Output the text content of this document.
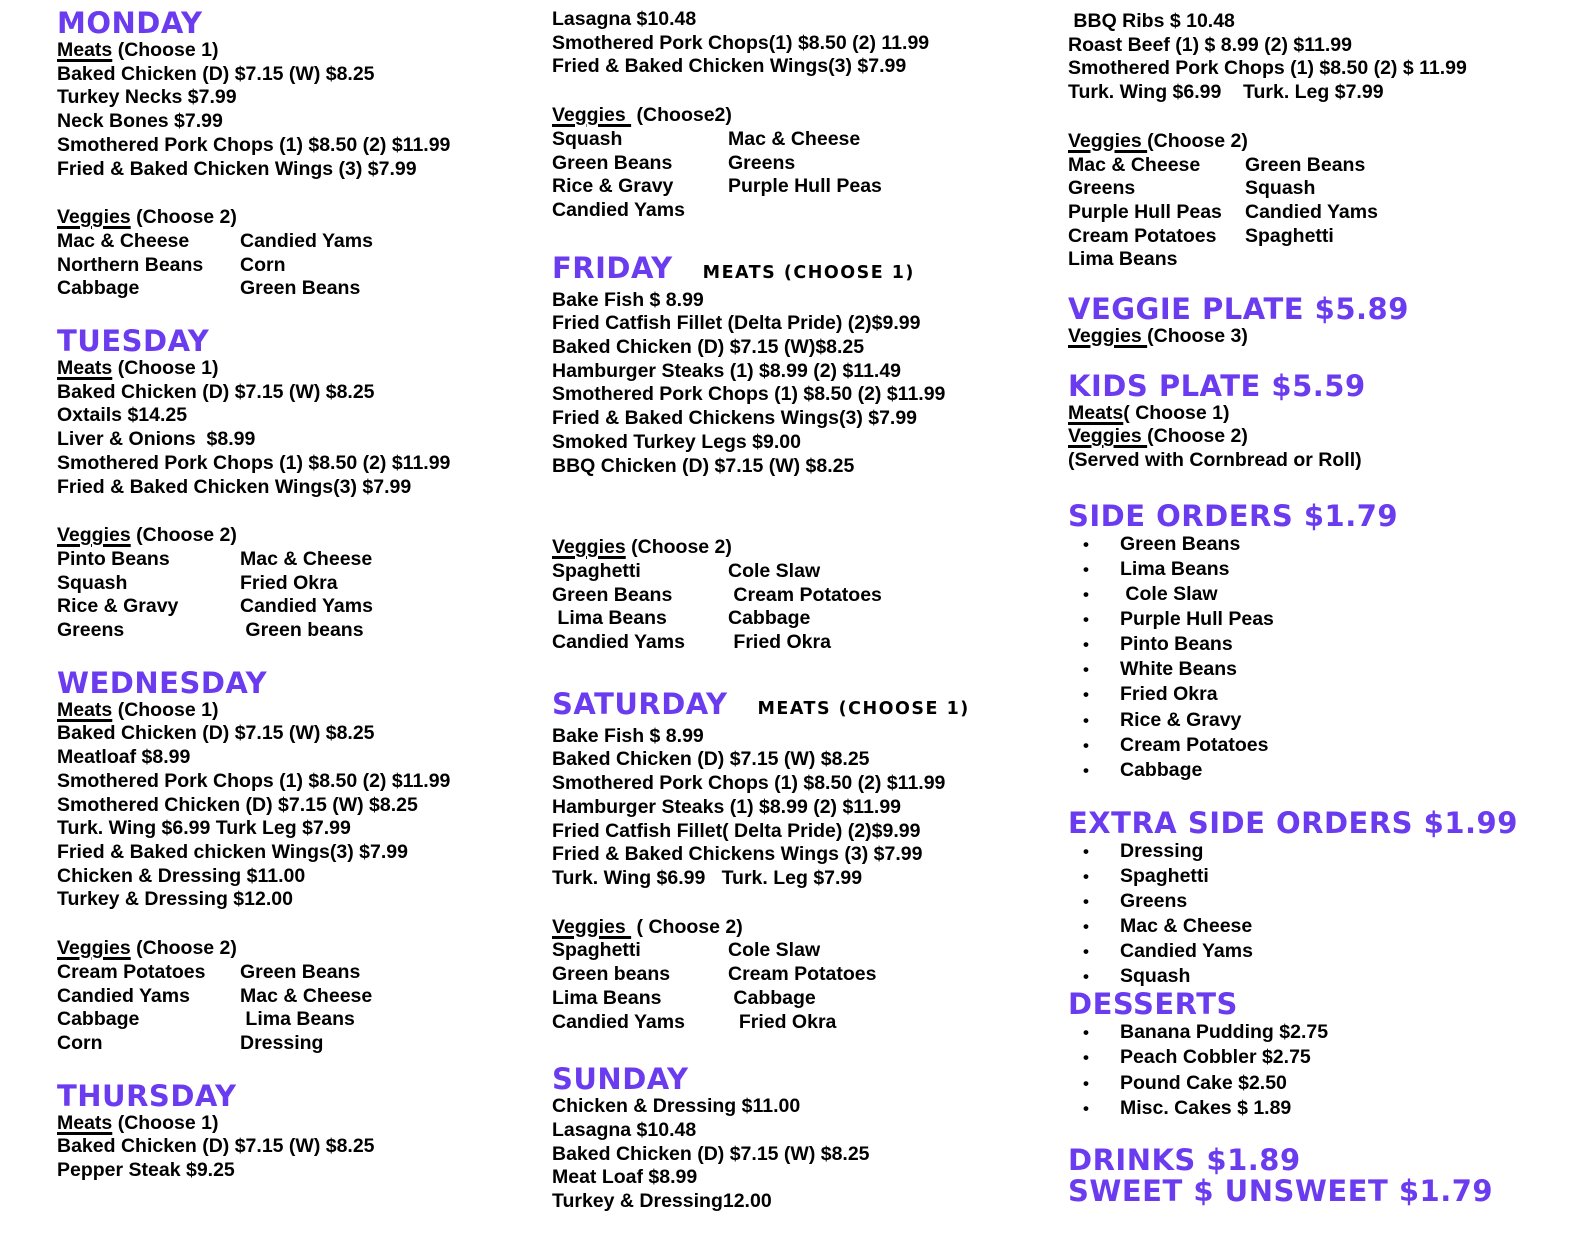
MONDAY
Meats (Choose 1)
Baked Chicken (D) $7.15 (W) $8.25
Turkey Necks $7.99
Neck Bones $7.99
Smothered Pork Chops (1) $8.50 (2) $11.99
Fried & Baked Chicken Wings (3) $7.99
Veggies (Choose 2)
Mac & Cheese	Candied Yams
Northern Beans	Corn
Cabbage	Green Beans
TUESDAY
Meats (Choose 1)
Baked Chicken (D) $7.15 (W) $8.25
Oxtails $14.25
Liver & Onions  $8.99
Smothered Pork Chops (1) $8.50 (2) $11.99
Fried & Baked Chicken Wings(3) $7.99
Veggies (Choose 2)
Pinto Beans	Mac & Cheese
Squash	Fried Okra
Rice & Gravy	Candied Yams
Greens	Green beans
WEDNESDAY
Meats (Choose 1)
Baked Chicken (D) $7.15 (W) $8.25
Meatloaf $8.99
Smothered Pork Chops (1) $8.50 (2) $11.99
Smothered Chicken (D) $7.15 (W) $8.25
Turk. Wing $6.99 Turk Leg $7.99
Fried & Baked chicken Wings(3) $7.99
Chicken & Dressing $11.00
Turkey & Dressing $12.00
Veggies (Choose 2)
Cream Potatoes	Green Beans
Candied Yams	Mac & Cheese
Cabbage	Lima Beans
Corn	Dressing
THURSDAY
Meats (Choose 1)
Baked Chicken (D) $7.15 (W) $8.25
Pepper Steak $9.25
Lasagna $10.48
Smothered Pork Chops(1) $8.50 (2) 11.99
Fried & Baked Chicken Wings(3) $7.99
Veggies  (Choose2)
Squash	Mac & Cheese
Green Beans	Greens
Rice & Gravy	Purple Hull Peas
Candied Yams
FRIDAY MEATS (CHOOSE 1)
Bake Fish $ 8.99
Fried Catfish Fillet (Delta Pride) (2)$9.99
Baked Chicken (D) $7.15 (W)$8.25
Hamburger Steaks (1) $8.99 (2) $11.49
Smothered Pork Chops (1) $8.50 (2) $11.99
Fried & Baked Chickens Wings(3) $7.99
Smoked Turkey Legs $9.00
BBQ Chicken (D) $7.15 (W) $8.25
Veggies (Choose 2)
Spaghetti	Cole Slaw
Green Beans	Cream Potatoes
Lima Beans	Cabbage
Candied Yams	Fried Okra
SATURDAY MEATS (CHOOSE 1)
Bake Fish $ 8.99
Baked Chicken (D) $7.15 (W) $8.25
Smothered Pork Chops (1) $8.50 (2) $11.99
Hamburger Steaks (1) $8.99 (2) $11.99
Fried Catfish Fillet( Delta Pride) (2)$9.99
Fried & Baked Chickens Wings (3) $7.99
Turk. Wing $6.99   Turk. Leg $7.99
Veggies  ( Choose 2)
Spaghetti	Cole Slaw
Green beans	Cream Potatoes
Lima Beans	Cabbage
Candied Yams	Fried Okra
SUNDAY
Chicken & Dressing $11.00
Lasagna $10.48
Baked Chicken (D) $7.15 (W) $8.25
Meat Loaf $8.99
Turkey & Dressing12.00
BBQ Ribs $ 10.48
Roast Beef (1) $ 8.99 (2) $11.99
Smothered Pork Chops (1) $8.50 (2) $ 11.99
Turk. Wing $6.99    Turk. Leg $7.99
Veggies (Choose 2)
Mac & Cheese	Green Beans
Greens	Squash
Purple Hull Peas	Candied Yams
Cream Potatoes	Spaghetti
Lima Beans
VEGGIE PLATE $5.89
Veggies (Choose 3)
KIDS PLATE $5.59
Meats( Choose 1)
Veggies (Choose 2)
(Served with Cornbread or Roll)
SIDE ORDERS $1.79
•	Green Beans
•	Lima Beans
•	Cole Slaw
•	Purple Hull Peas
•	Pinto Beans
•	White Beans
•	Fried Okra
•	Rice & Gravy
•	Cream Potatoes
•	Cabbage
EXTRA SIDE ORDERS $1.99
•	Dressing
•	Spaghetti
•	Greens
•	Mac & Cheese
•	Candied Yams
•	Squash
DESSERTS
•	Banana Pudding $2.75
•	Peach Cobbler $2.75
•	Pound Cake $2.50
•	Misc. Cakes $ 1.89
DRINKS $1.89
SWEET $ UNSWEET $1.79
